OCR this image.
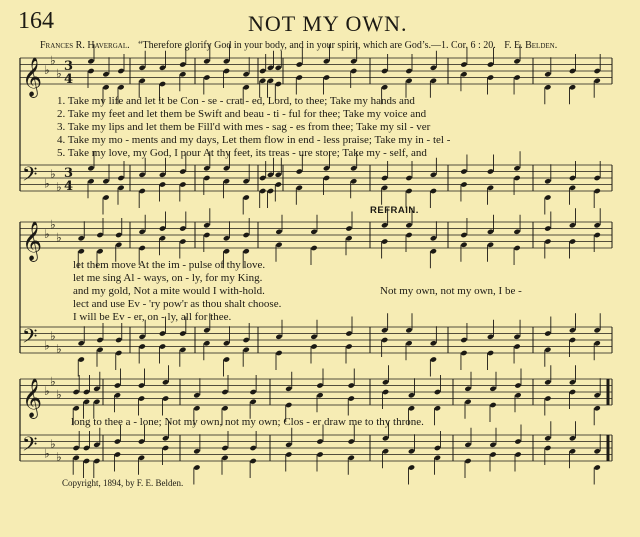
164	NOT MY OWN.
Frances R. Havergal. “Therefore glorify God in your body, and in your spirit, which are God’s.—1. Cor. 6 : 20. F. E. Belden.
𝄞 ♭
♭
♭ 3
4
𝄢 ♭
♭
♭
3
4
𝄞 ♭
♭
♭
𝄢 ♭
♭
♭
𝄞 ♭
♭
♭
𝄢 ♭
♭
♭
1. Take my life and let it be Con - se - crat - ed, Lord, to thee; Take my hands and
2. Take my feet and let them be Swift and beau - ti - ful for thee; Take my voice and
3. Take my lips and let them be Fill'd with mes - sag - es from thee; Take my sil - ver
4. Take my mo - ments and my days, Let them flow in end - less praise; Take my in - tel -
5. Take my love, my God, I pour At thy feet, its treas - ure store; Take my - self, and
REFRAIN.
let them move At the im - pulse of thy love.
let me sing Al - ways, on - ly, for my King.
and my gold, Not a mite would I with-hold.
lect and use Ev - 'ry pow'r as thou shalt choose.
I will be Ev - er, on - ly, all for thee.
Not my own, not my own, I be -
long to thee a - lone; Not my own, not my own; Clos - er draw me to thy throne.
Copyright, 1894, by F. E. Belden.
